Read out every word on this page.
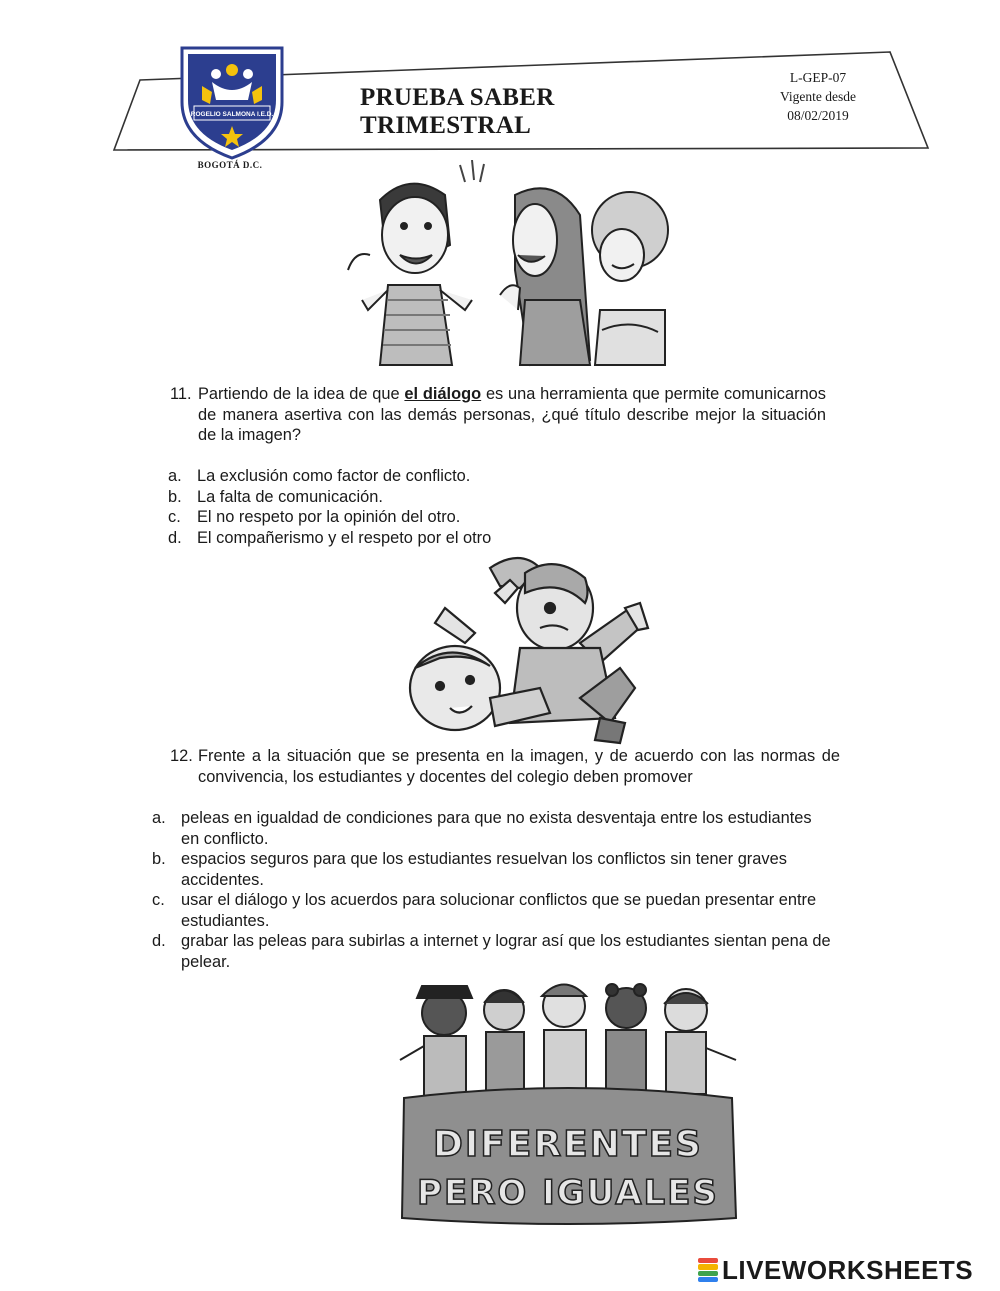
ROGELIO SALMONA I.E.D.
BOGOTÁ D.C.
PRUEBA SABER TRIMESTRAL
L-GEP-07
Vigente desde
08/02/2019
11. Partiendo de la idea de que el diálogo es una herramienta que permite comunicarnos de manera asertiva con las demás personas, ¿qué título describe mejor la situación de la imagen?
a. La exclusión como factor de conflicto.
b. La falta de comunicación.
c. El no respeto por la opinión del otro.
d. El compañerismo y el respeto por el otro
12. Frente a la situación que se presenta en la imagen, y de acuerdo con las normas de convivencia, los estudiantes y docentes del colegio deben promover
a. peleas en igualdad de condiciones para que no exista desventaja entre los estudiantes en conflicto.
b. espacios seguros para que los estudiantes resuelvan los conflictos sin tener graves accidentes.
c. usar el diálogo y los acuerdos para solucionar conflictos que se puedan presentar entre estudiantes.
d. grabar las peleas para subirlas a internet y lograr así que los estudiantes sientan pena de pelear.
DIFERENTES
PERO IGUALES
LIVEWORKSHEETS
